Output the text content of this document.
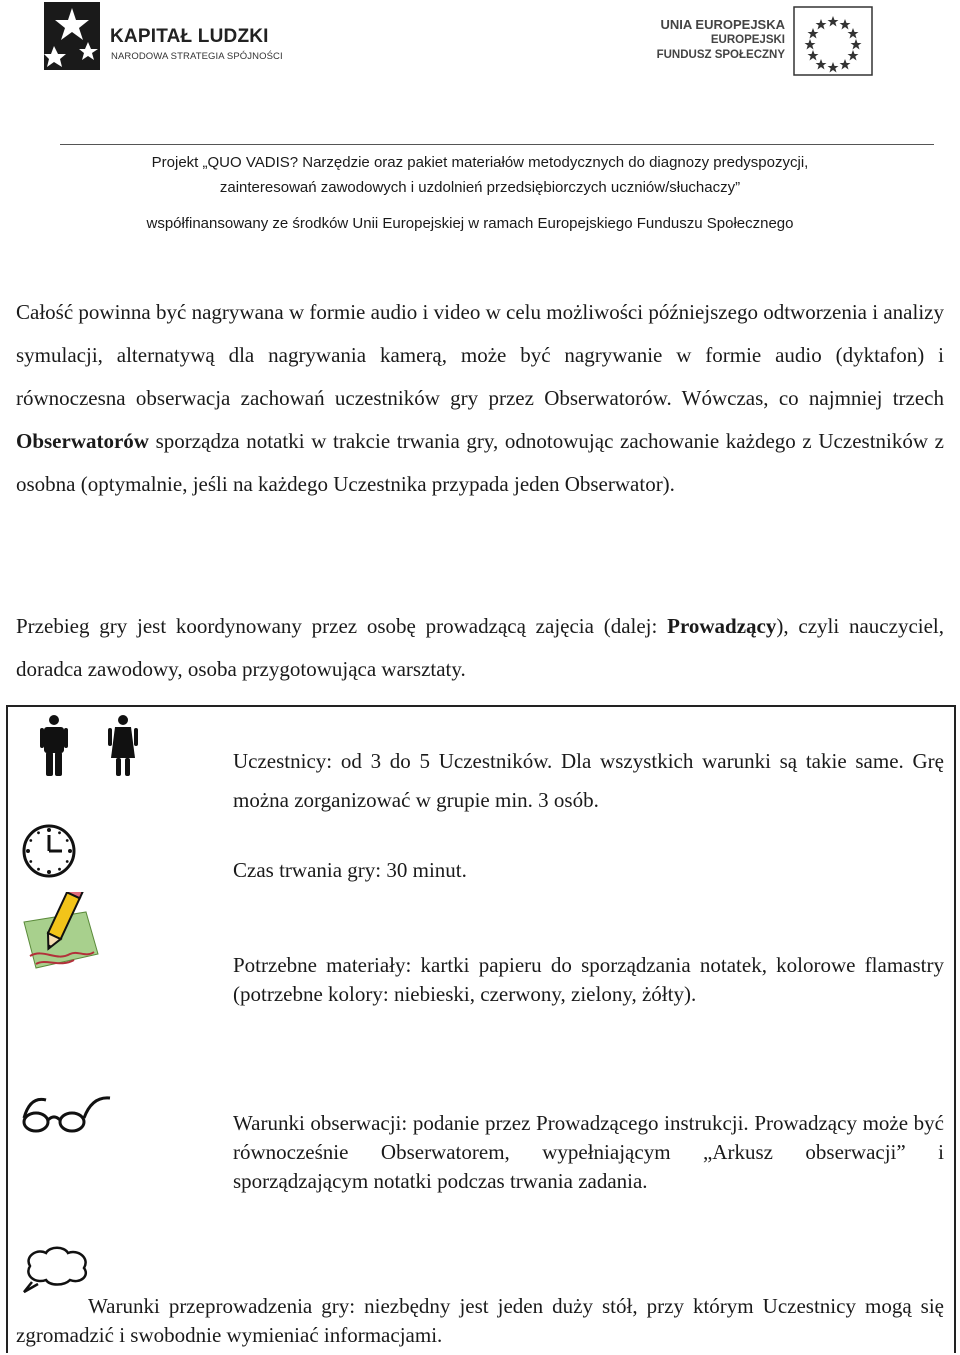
KAPITAŁ LUDZKI
NARODOWA STRATEGIA SPÓJNOŚCI
UNIA EUROPEJSKA
EUROPEJSKI
FUNDUSZ SPOŁECZNY
Projekt „QUO VADIS? Narzędzie oraz pakiet materiałów metodycznych do diagnozy predyspozycji,
zainteresowań zawodowych i uzdolnień przedsiębiorczych uczniów/słuchaczy”
współfinansowany ze środków Unii Europejskiej w ramach Europejskiego Funduszu Społecznego
Całość powinna być nagrywana w formie audio i video w celu możliwości późniejszego odtworzenia i analizy symulacji, alternatywą dla nagrywania kamerą, może być nagrywanie w formie audio (dyktafon) i równoczesna obserwacja zachowań uczestników gry przez Obserwatorów. Wówczas, co najmniej trzech Obserwatorów sporządza notatki w trakcie trwania gry, odnotowując zachowanie każdego z Uczestników z osobna (optymalnie, jeśli na każdego Uczestnika przypada jeden Obserwator).
Przebieg gry jest koordynowany przez osobę prowadzącą zajęcia (dalej: Prowadzący), czyli nauczyciel, doradca zawodowy, osoba przygotowująca warsztaty.
Uczestnicy: od 3 do 5 Uczestników. Dla wszystkich warunki są takie same. Grę można zorganizować w grupie min. 3 osób.
Czas trwania gry: 30 minut.
Potrzebne materiały: kartki papieru do sporządzania notatek, kolorowe flamastry (potrzebne kolory: niebieski, czerwony, zielony, żółty).
Warunki obserwacji: podanie przez Prowadzącego instrukcji. Prowadzący może być równocześnie Obserwatorem, wypełniającym „Arkusz obserwacji” i sporządzającym notatki podczas trwania zadania.
Warunki przeprowadzenia gry: niezbędny jest jeden duży stół, przy którym Uczestnicy mogą się zgromadzić i swobodnie wymieniać informacjami.
